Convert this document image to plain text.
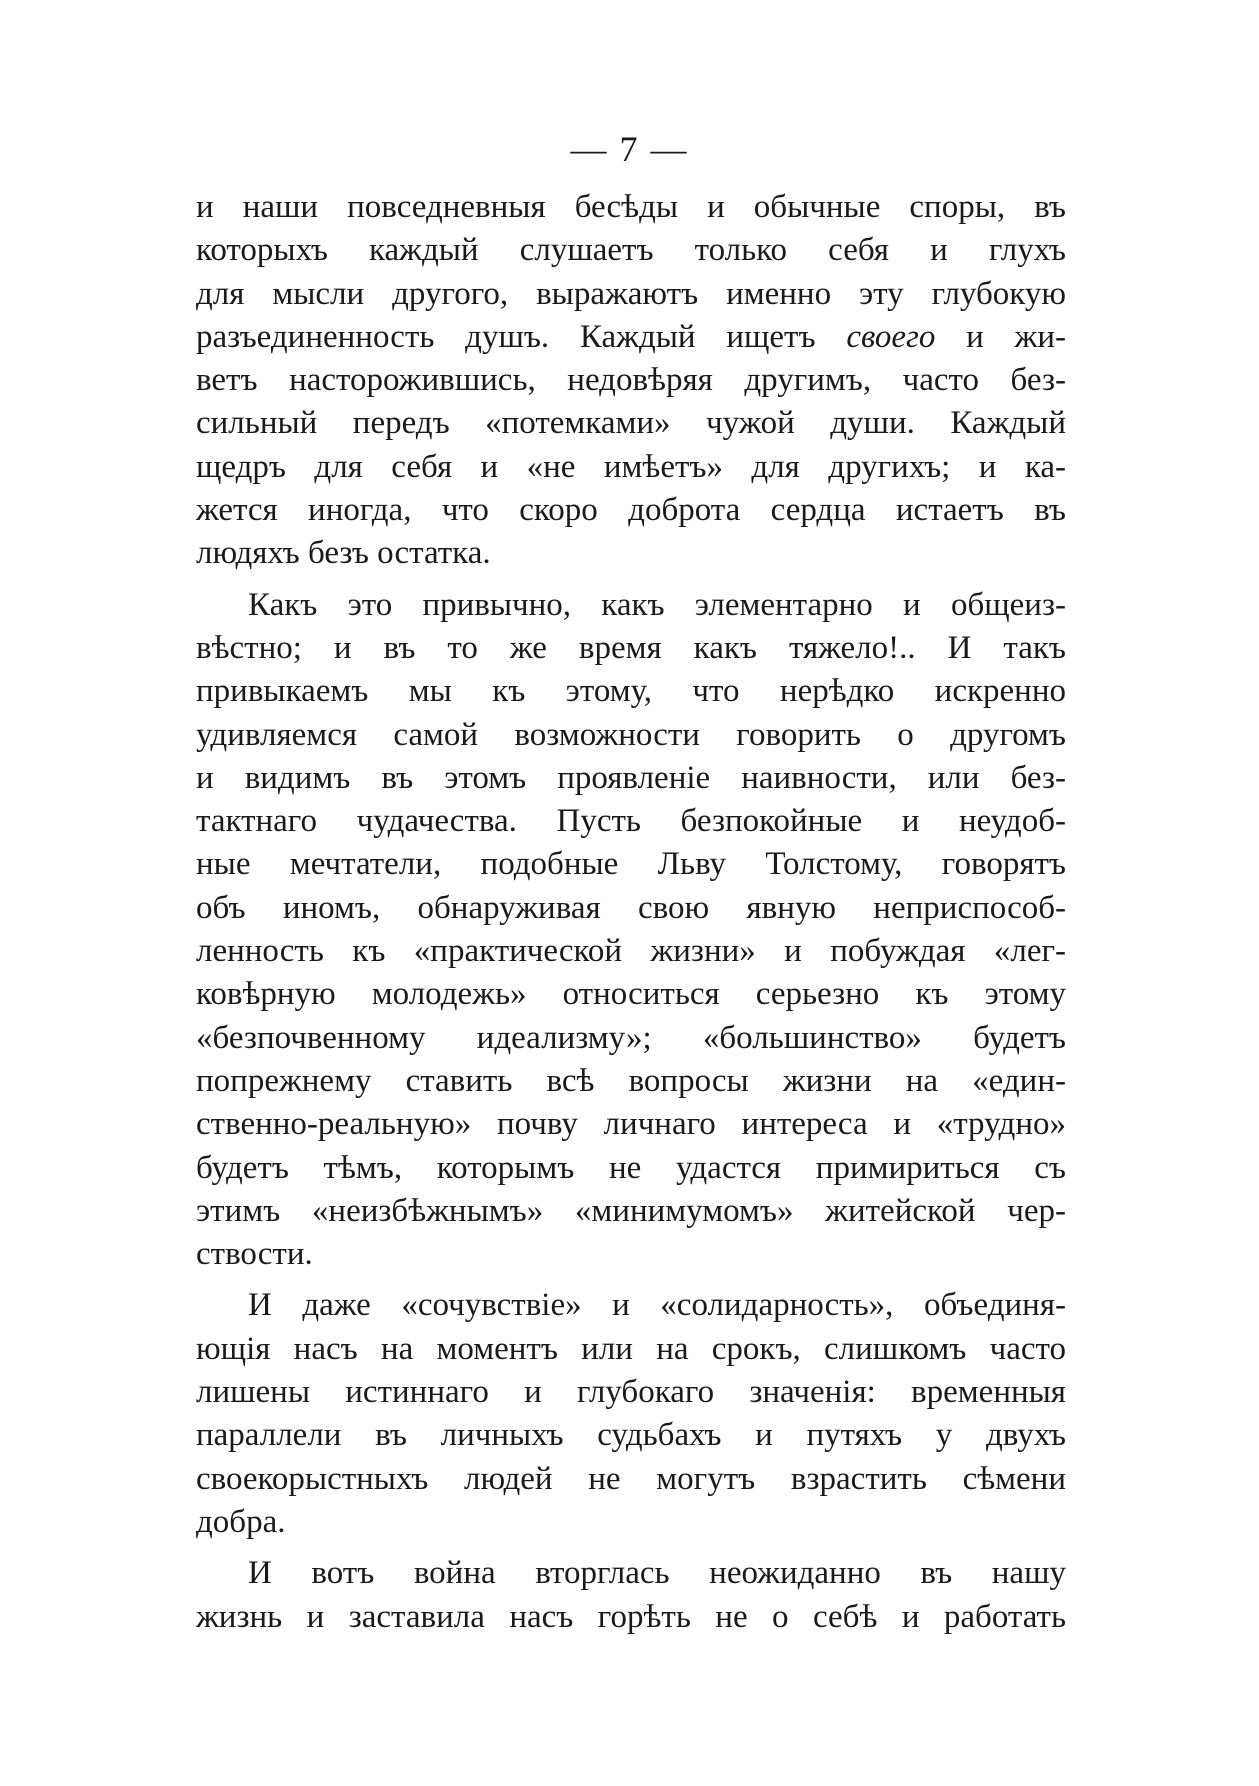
— 7 —
и наши повседневныя бесѣды и обычные споры, въ
которыхъ каждый слушаетъ только себя и глухъ
для мысли другого, выражаютъ именно эту глубокую
разъединенность душъ. Каждый ищетъ своего и жи-
ветъ насторожившись, недовѣряя другимъ, часто без-
сильный передъ «потемками» чужой души. Каждый
щедръ для себя и «не имѣетъ» для другихъ; и ка-
жется иногда, что скоро доброта сердца истаетъ въ
людяхъ безъ остатка.
Какъ это привычно, какъ элементарно и общеиз-
вѣстно; и въ то же время какъ тяжело!.. И такъ
привыкаемъ мы къ этому, что нерѣдко искренно
удивляемся самой возможности говорить о другомъ
и видимъ въ этомъ проявленіе наивности, или без-
тактнаго чудачества. Пусть безпокойные и неудоб-
ные мечтатели, подобные Льву Толстому, говорятъ
объ иномъ, обнаруживая свою явную неприспособ-
ленность къ «практической жизни» и побуждая «лег-
ковѣрную молодежь» относиться серьезно къ этому
«безпочвенному идеализму»; «большинство» будетъ
попрежнему ставить всѣ вопросы жизни на «един-
ственно-реальную» почву личнаго интереса и «трудно»
будетъ тѣмъ, которымъ не удастся примириться съ
этимъ «неизбѣжнымъ» «минимумомъ» житейской чер-
ствости.
И даже «сочувствіе» и «солидарность», объединя-
ющія насъ на моментъ или на срокъ, слишкомъ часто
лишены истиннаго и глубокаго значенія: временныя
параллели въ личныхъ судьбахъ и путяхъ у двухъ
своекорыстныхъ людей не могутъ взрастить сѣмени
добра.
И вотъ война вторглась неожиданно въ нашу
жизнь и заставила насъ горѣть не о себѣ и работать
